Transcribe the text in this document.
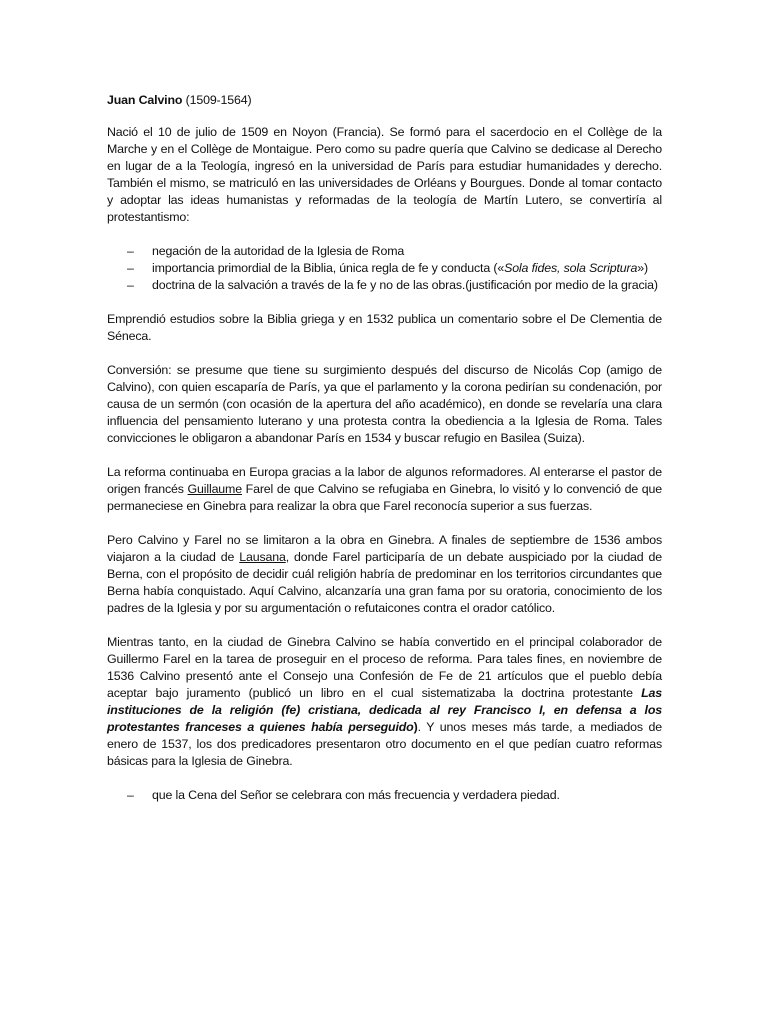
Juan Calvino (1509-1564)

Nació el 10 de julio de 1509 en Noyon (Francia). Se formó para el sacerdocio en el Collège de la Marche y en el Collège de Montaigue. Pero como su padre quería que Calvino se dedicase al Derecho en lugar de a la Teología, ingresó en la universidad de París para estudiar humanidades y derecho. También el mismo, se matriculó en las universidades de Orléans y Bourgues. Donde al tomar contacto y adoptar las ideas humanistas y reformadas de la teología de Martín Lutero, se convertiría al protestantismo:

– negación de la autoridad de la Iglesia de Roma
– importancia primordial de la Biblia, única regla de fe y conducta («Sola fides, sola Scriptura»)
– doctrina de la salvación a través de la fe y no de las obras.(justificación por medio de la gracia)

Emprendió estudios sobre la Biblia griega y en 1532 publica un comentario sobre el De Clementia de Séneca.

Conversión: se presume que tiene su surgimiento después del discurso de Nicolás Cop (amigo de Calvino), con quien escaparía de París, ya que el parlamento y la corona pedirían su condenación, por causa de un sermón (con ocasión de la apertura del año académico), en donde se revelaría una clara influencia del pensamiento luterano y una protesta contra la obediencia a la Iglesia de Roma. Tales convicciones le obligaron a abandonar París en 1534 y buscar refugio en Basilea (Suiza).

La reforma continuaba en Europa gracias a la labor de algunos reformadores. Al enterarse el pastor de origen francés Guillaume Farel de que Calvino se refugiaba en Ginebra, lo visitó y lo convenció de que permaneciese en Ginebra para realizar la obra que Farel reconocía superior a sus fuerzas.

Pero Calvino y Farel no se limitaron a la obra en Ginebra. A finales de septiembre de 1536 ambos viajaron a la ciudad de Lausana, donde Farel participaría de un debate auspiciado por la ciudad de Berna, con el propósito de decidir cuál religión habría de predominar en los territorios circundantes que Berna había conquistado. Aquí Calvino, alcanzaría una gran fama por su oratoria, conocimiento de los padres de la Iglesia y por su argumentación o refutaicones contra el orador católico.

Mientras tanto, en la ciudad de Ginebra Calvino se había convertido en el principal colaborador de Guillermo Farel en la tarea de proseguir en el proceso de reforma. Para tales fines, en noviembre de 1536 Calvino presentó ante el Consejo una Confesión de Fe de 21 artículos que el pueblo debía aceptar bajo juramento (publicó un libro en el cual sistematizaba la doctrina protestante Las instituciones de la religión (fe) cristiana, dedicada al rey Francisco I, en defensa a los protestantes franceses a quienes había perseguido). Y unos meses más tarde, a mediados de enero de 1537, los dos predicadores presentaron otro documento en el que pedían cuatro reformas básicas para la Iglesia de Ginebra.

– que la Cena del Señor se celebrara con más frecuencia y verdadera piedad.
